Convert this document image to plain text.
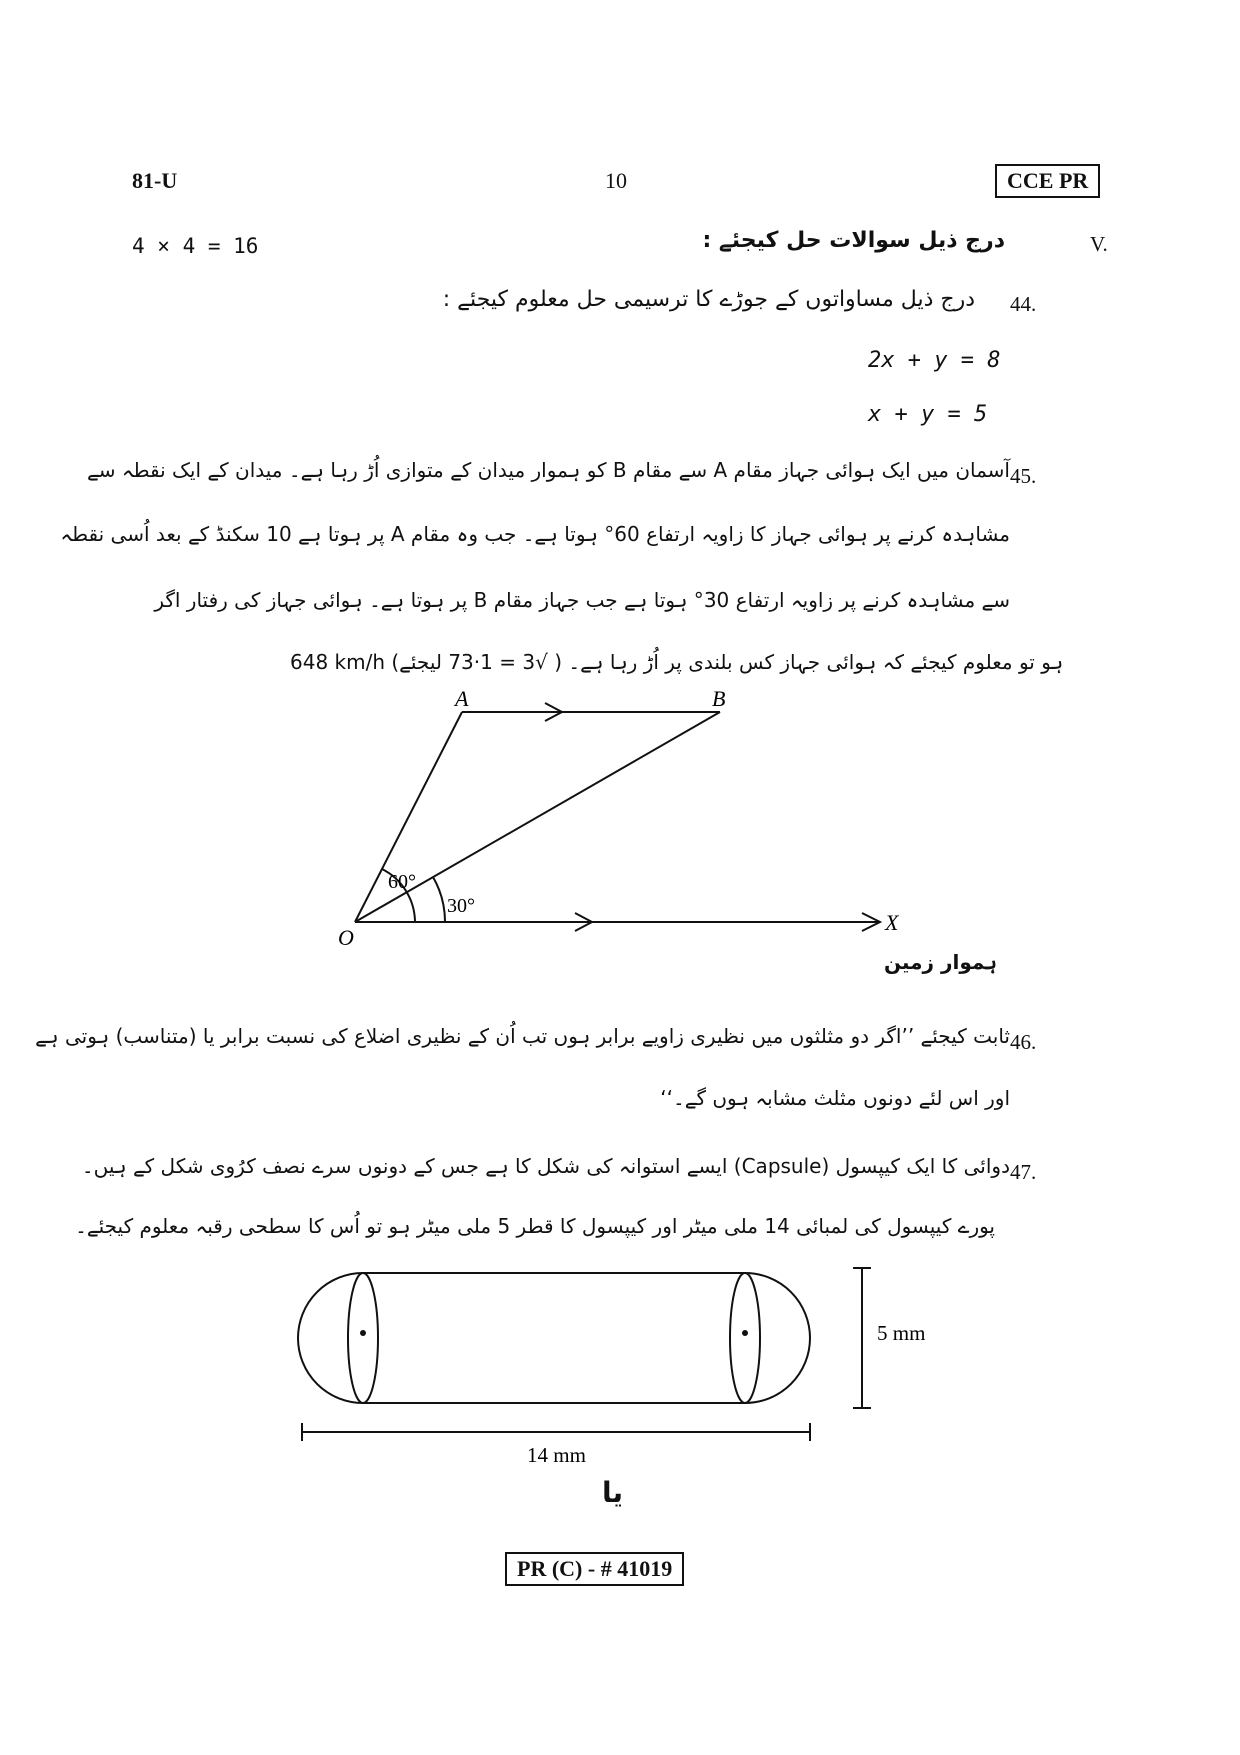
81-U	10	CCE PR
4 × 4 = 16	درج ذیل سوالات حل کیجئے :	V.
44.
درج ذیل مساواتوں کے جوڑے کا ترسیمی حل معلوم کیجئے :
2x + y = 8
x + y = 5
45.
آسمان میں ایک ہوائی جہاز مقام A سے مقام B کو ہموار میدان کے متوازی اُڑ رہا ہے۔ میدان کے ایک نقطہ سے
مشاہدہ کرنے پر ہوائی جہاز کا زاویہ ارتفاع 60° ہوتا ہے۔ جب وہ مقام A پر ہوتا ہے 10 سکنڈ کے بعد اُسی نقطہ
سے مشاہدہ کرنے پر زاویہ ارتفاع 30° ہوتا ہے جب جہاز مقام B پر ہوتا ہے۔ ہوائی جہاز کی رفتار اگر
648 km/h ہو تو معلوم کیجئے کہ ہوائی جہاز کس بلندی پر اُڑ رہا ہے۔ ( √3 = 1·73 لیجئے)
A	B
O
X
60°
30°
5 mm
14 mm
ہموار زمین
46.
ثابت کیجئے ’’اگر دو مثلثوں میں نظیری زاویے برابر ہوں تب اُن کے نظیری اضلاع کی نسبت برابر یا (متناسب) ہوتی ہے
اور اس لئے دونوں مثلث مشابہ ہوں گے۔‘‘
47.
دوائی کا ایک کیپسول (Capsule) ایسے استوانہ کی شکل کا ہے جس کے دونوں سرے نصف کرُوی شکل کے ہیں۔
پورے کیپسول کی لمبائی 14 ملی میٹر اور کیپسول کا قطر 5 ملی میٹر ہو تو اُس کا سطحی رقبہ معلوم کیجئے۔
یا
PR (C) - # 41019
